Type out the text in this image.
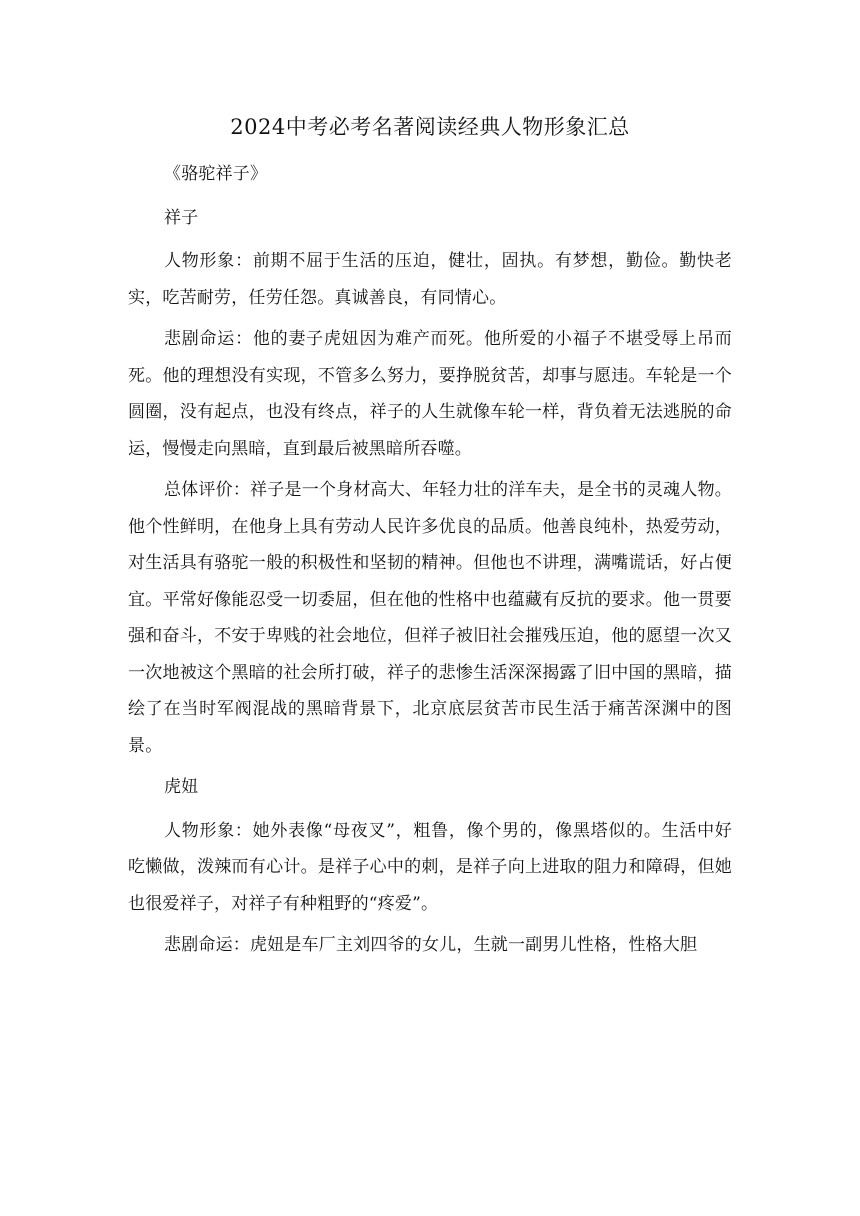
2024中考必考名著阅读经典人物形象汇总

《骆驼祥子》

祥子

人物形象：前期不屈于生活的压迫，健壮，固执。有梦想，勤俭。勤快老实，吃苦耐劳，任劳任怨。真诚善良，有同情心。

悲剧命运：他的妻子虎妞因为难产而死。他所爱的小福子不堪受辱上吊而死。他的理想没有实现，不管多么努力，要挣脱贫苦，却事与愿违。车轮是一个圆圈，没有起点，也没有终点，祥子的人生就像车轮一样，背负着无法逃脱的命运，慢慢走向黑暗，直到最后被黑暗所吞噬。

总体评价：祥子是一个身材高大、年轻力壮的洋车夫，是全书的灵魂人物。他个性鲜明，在他身上具有劳动人民许多优良的品质。他善良纯朴，热爱劳动，对生活具有骆驼一般的积极性和坚韧的精神。但他也不讲理，满嘴谎话，好占便宜。平常好像能忍受一切委屈，但在他的性格中也蕴藏有反抗的要求。他一贯要强和奋斗，不安于卑贱的社会地位，但祥子被旧社会摧残压迫，他的愿望一次又一次地被这个黑暗的社会所打破，祥子的悲惨生活深深揭露了旧中国的黑暗，描绘了在当时军阀混战的黑暗背景下，北京底层贫苦市民生活于痛苦深渊中的图景。

虎妞

人物形象：她外表像“母夜叉”，粗鲁，像个男的，像黑塔似的。生活中好吃懒做，泼辣而有心计。是祥子心中的刺，是祥子向上进取的阻力和障碍，但她也很爱祥子，对祥子有种粗野的“疼爱”。

悲剧命运：虎妞是车厂主刘四爷的女儿，生就一副男儿性格，性格大胆
